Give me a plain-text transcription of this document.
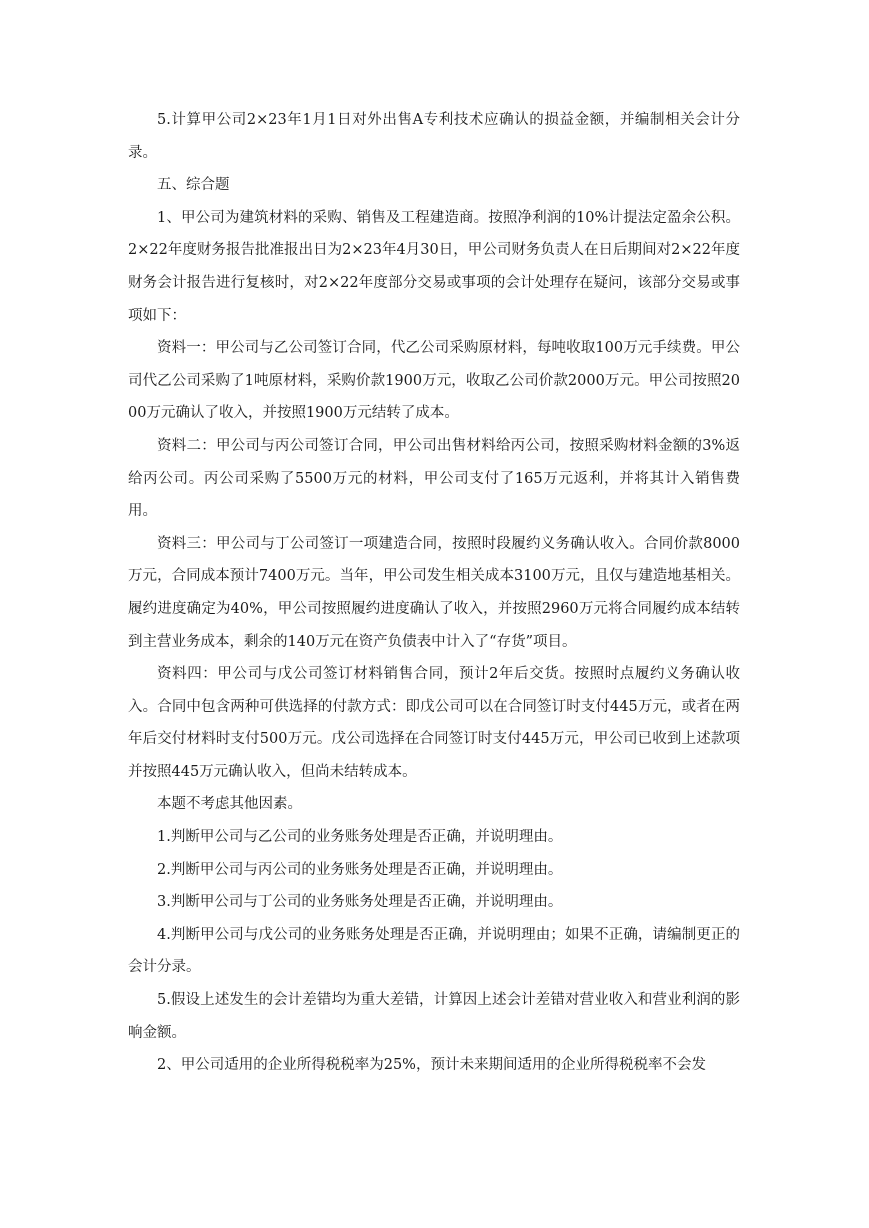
5.计算甲公司2×23年1月1日对外出售A专利技术应确认的损益金额，并编制相关会计分录。

五、综合题

1、甲公司为建筑材料的采购、销售及工程建造商。按照净利润的10%计提法定盈余公积。2×22年度财务报告批准报出日为2×23年4月30日，甲公司财务负责人在日后期间对2×22年度财务会计报告进行复核时，对2×22年度部分交易或事项的会计处理存在疑问，该部分交易或事项如下：

资料一：甲公司与乙公司签订合同，代乙公司采购原材料，每吨收取100万元手续费。甲公司代乙公司采购了1吨原材料，采购价款1900万元，收取乙公司价款2000万元。甲公司按照2000万元确认了收入，并按照1900万元结转了成本。

资料二：甲公司与丙公司签订合同，甲公司出售材料给丙公司，按照采购材料金额的3%返给丙公司。丙公司采购了5500万元的材料，甲公司支付了165万元返利，并将其计入销售费用。

资料三：甲公司与丁公司签订一项建造合同，按照时段履约义务确认收入。合同价款8000万元，合同成本预计7400万元。当年，甲公司发生相关成本3100万元，且仅与建造地基相关。履约进度确定为40%，甲公司按照履约进度确认了收入，并按照2960万元将合同履约成本结转到主营业务成本，剩余的140万元在资产负债表中计入了“存货”项目。

资料四：甲公司与戊公司签订材料销售合同，预计2年后交货。按照时点履约义务确认收入。合同中包含两种可供选择的付款方式：即戊公司可以在合同签订时支付445万元，或者在两年后交付材料时支付500万元。戊公司选择在合同签订时支付445万元，甲公司已收到上述款项并按照445万元确认收入，但尚未结转成本。

本题不考虑其他因素。

1.判断甲公司与乙公司的业务账务处理是否正确，并说明理由。

2.判断甲公司与丙公司的业务账务处理是否正确，并说明理由。

3.判断甲公司与丁公司的业务账务处理是否正确，并说明理由。

4.判断甲公司与戊公司的业务账务处理是否正确，并说明理由；如果不正确，请编制更正的会计分录。

5.假设上述发生的会计差错均为重大差错，计算因上述会计差错对营业收入和营业利润的影响金额。

2、甲公司适用的企业所得税税率为25%，预计未来期间适用的企业所得税税率不会发
